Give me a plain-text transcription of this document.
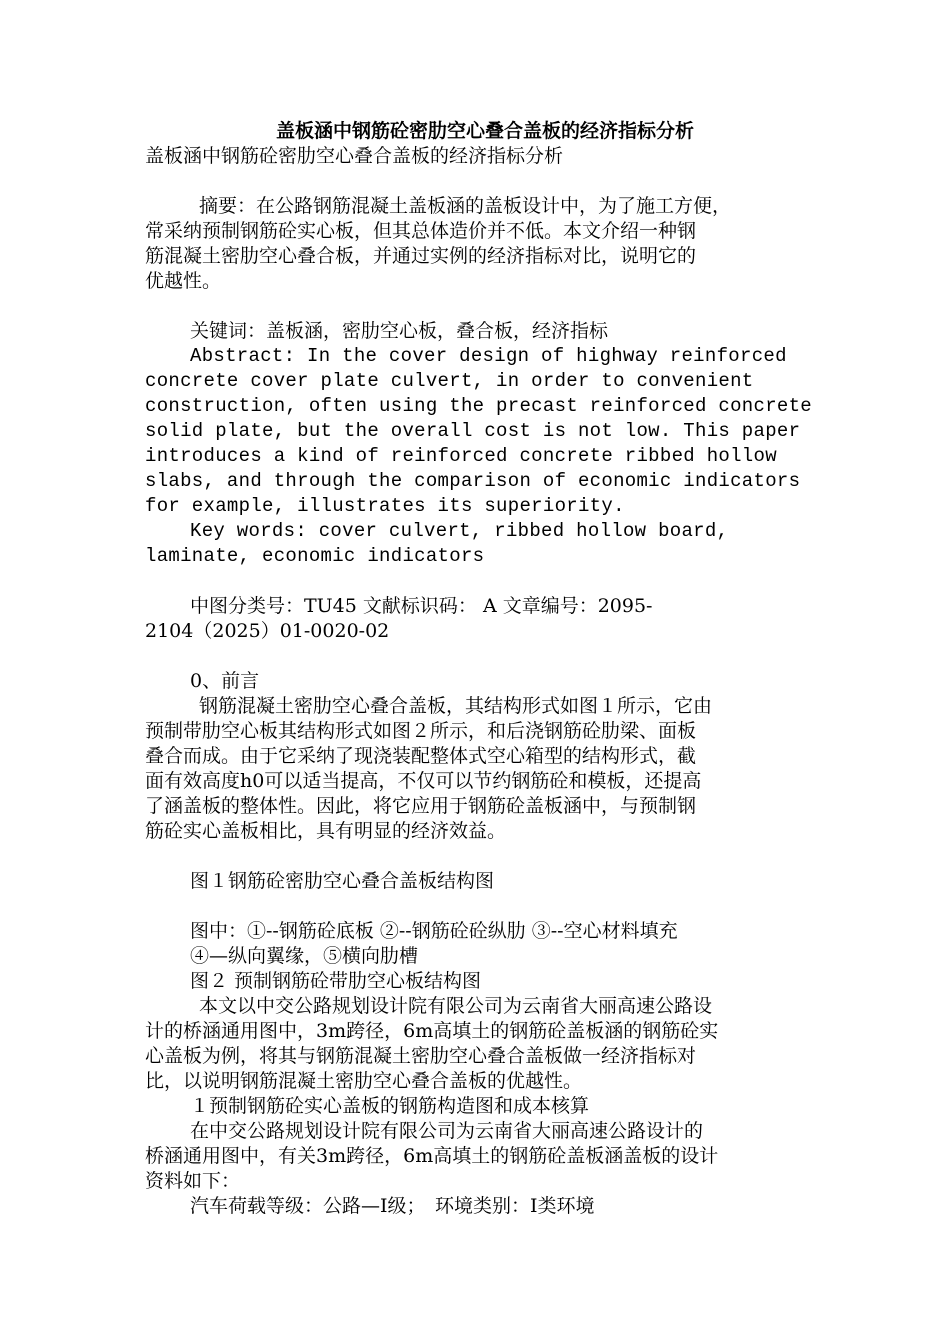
盖板涵中钢筋砼密肋空心叠合盖板的经济指标分析

盖板涵中钢筋砼密肋空心叠合盖板的经济指标分析

摘要：在公路钢筋混凝土盖板涵的盖板设计中，为了施工方便，

常采纳预制钢筋砼实心板，但其总体造价并不低。本文介绍一种钢

筋混凝土密肋空心叠合板，并通过实例的经济指标对比，说明它的

优越性。

关键词：盖板涵，密肋空心板，叠合板，经济指标

Abstract: In the cover design of highway reinforced

concrete cover plate culvert, in order to convenient

construction, often using the precast reinforced concrete

solid plate, but the overall cost is not low. This paper

introduces a kind of reinforced concrete ribbed hollow

slabs, and through the comparison of economic indicators

for example, illustrates its superiority.

Key words: cover culvert, ribbed hollow board,

laminate, economic indicators

中图分类号：TU45 文献标识码： A 文章编号：2095-

2104（2025）01-0020-02

0、前言

钢筋混凝土密肋空心叠合盖板，其结构形式如图１所示，它由

预制带肋空心板其结构形式如图２所示，和后浇钢筋砼肋梁、面板

叠合而成。由于它采纳了现浇装配整体式空心箱型的结构形式，截

面有效高度h0可以适当提高，不仅可以节约钢筋砼和模板，还提高

了涵盖板的整体性。因此，将它应用于钢筋砼盖板涵中，与预制钢

筋砼实心盖板相比，具有明显的经济效益。

图１钢筋砼密肋空心叠合盖板结构图

图中：①--钢筋砼底板 ②--钢筋砼砼纵肋 ③--空心材料填充

④—纵向翼缘，⑤横向肋槽

图２ 预制钢筋砼带肋空心板结构图

本文以中交公路规划设计院有限公司为云南省大丽高速公路设

计的桥涵通用图中，3m跨径，6m高填土的钢筋砼盖板涵的钢筋砼实

心盖板为例，将其与钢筋混凝土密肋空心叠合盖板做一经济指标对

比，以说明钢筋混凝土密肋空心叠合盖板的优越性。

１预制钢筋砼实心盖板的钢筋构造图和成本核算

在中交公路规划设计院有限公司为云南省大丽高速公路设计的

桥涵通用图中，有关3m跨径，6m高填土的钢筋砼盖板涵盖板的设计

资料如下：

汽车荷载等级：公路—Ⅰ级；　环境类别：Ⅰ类环境
